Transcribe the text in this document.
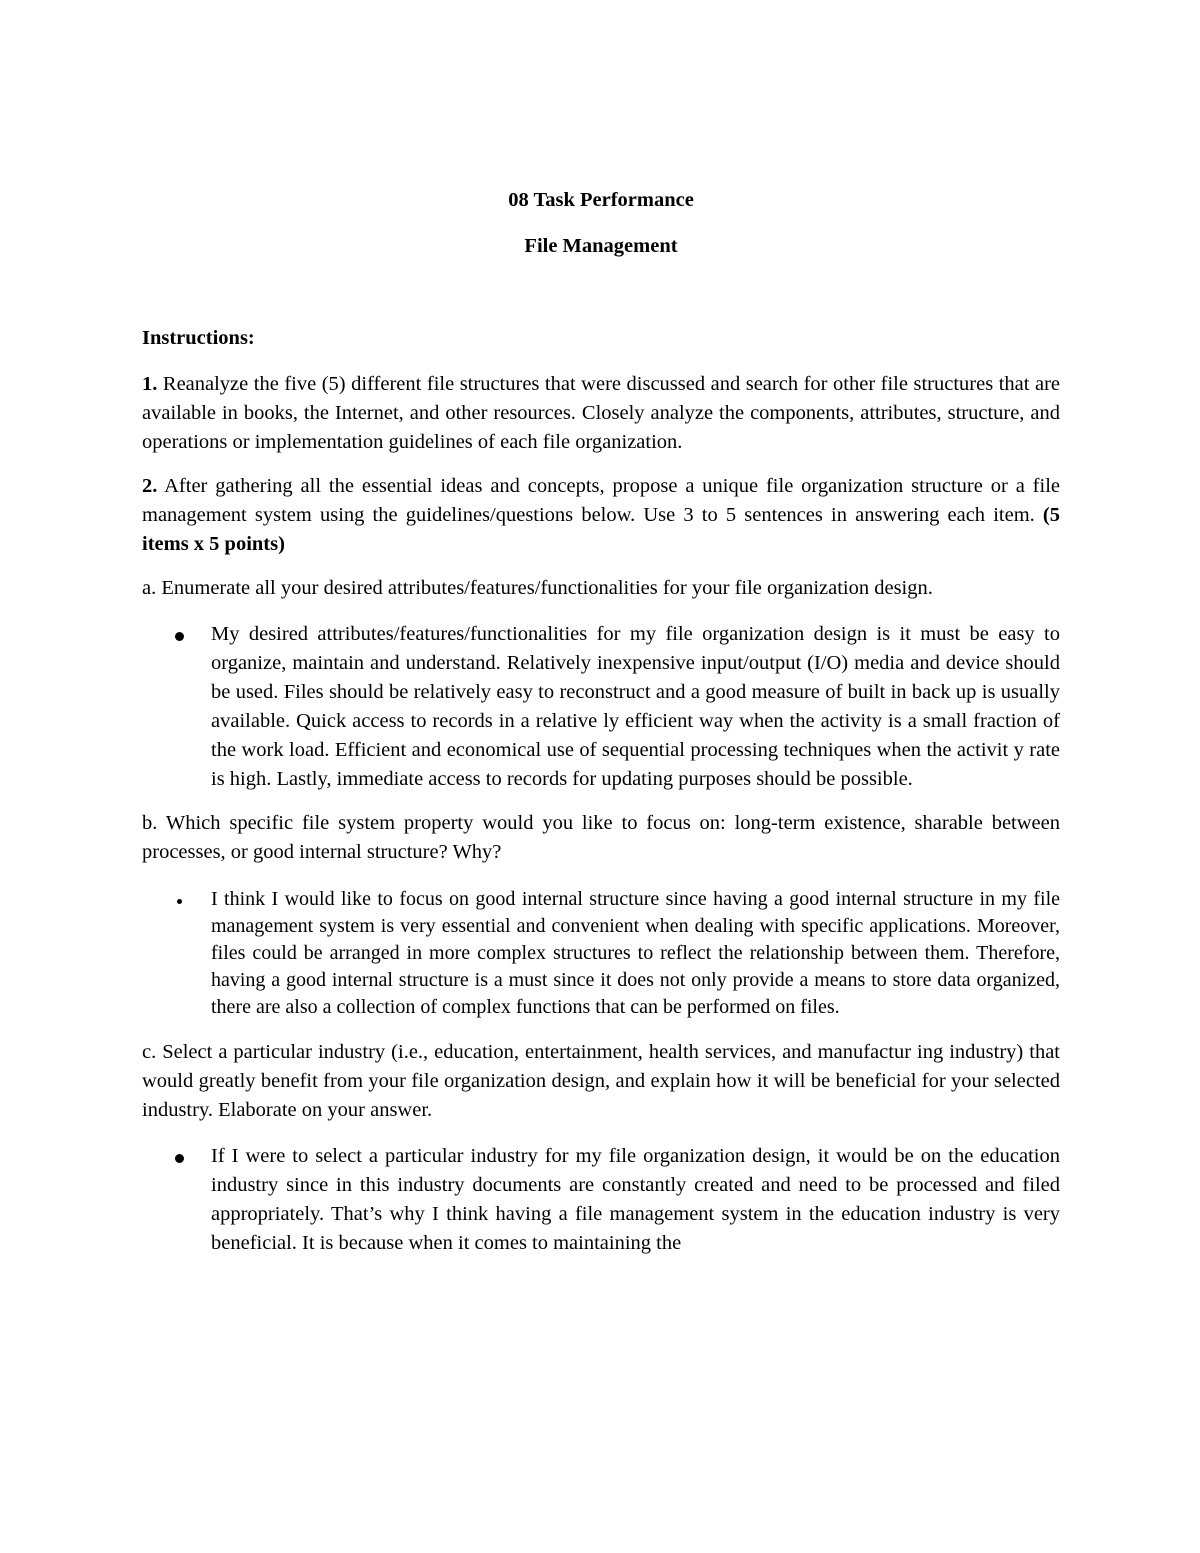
08 Task Performance

File Management

Instructions:

1. Reanalyze the five (5) different file structures that were discussed and search for other file structures that are available in books, the Internet, and other resources. Closely analyze the components, attributes, structure, and operations or implementation guidelines of each file organization.

2. After gathering all the essential ideas and concepts, propose a unique file organization structure or a file management system using the guidelines/questions below. Use 3 to 5 sentences in answering each item. (5 items x 5 points)

a. Enumerate all your desired attributes/features/functionalities for your file organization design.

My desired attributes/features/functionalities for my file organization design is it must be easy to organize, maintain and understand. Relatively inexpensive input/output (I/O) media and device should be used. Files should be relatively easy to reconstruct and a good measure of built in back up is usually available. Quick access to records in a relative ly efficient way when the activity is a small fraction of the work load. Efficient and economical use of sequential processing techniques when the activit y rate is high. Lastly, immediate access to records for updating purposes should be possible.

b. Which specific file system property would you like to focus on: long-term existence, sharable between processes, or good internal structure? Why?

I think I would like to focus on good internal structure since having a good internal structure in my file management system is very essential and convenient when dealing with specific applications. Moreover, files could be arranged in more complex structures to reflect the relationship between them. Therefore, having a good internal structure is a must since it does not only provide a means to store data organized, there are also a collection of complex functions that can be performed on files.

c. Select a particular industry (i.e., education, entertainment, health services, and manufactur ing industry) that would greatly benefit from your file organization design, and explain how it will be beneficial for your selected industry. Elaborate on your answer.

If I were to select a particular industry for my file organization design, it would be on the education industry since in this industry documents are constantly created and need to be processed and filed appropriately. That’s why I think having a file management system in the education industry is very beneficial. It is because when it comes to maintaining the
